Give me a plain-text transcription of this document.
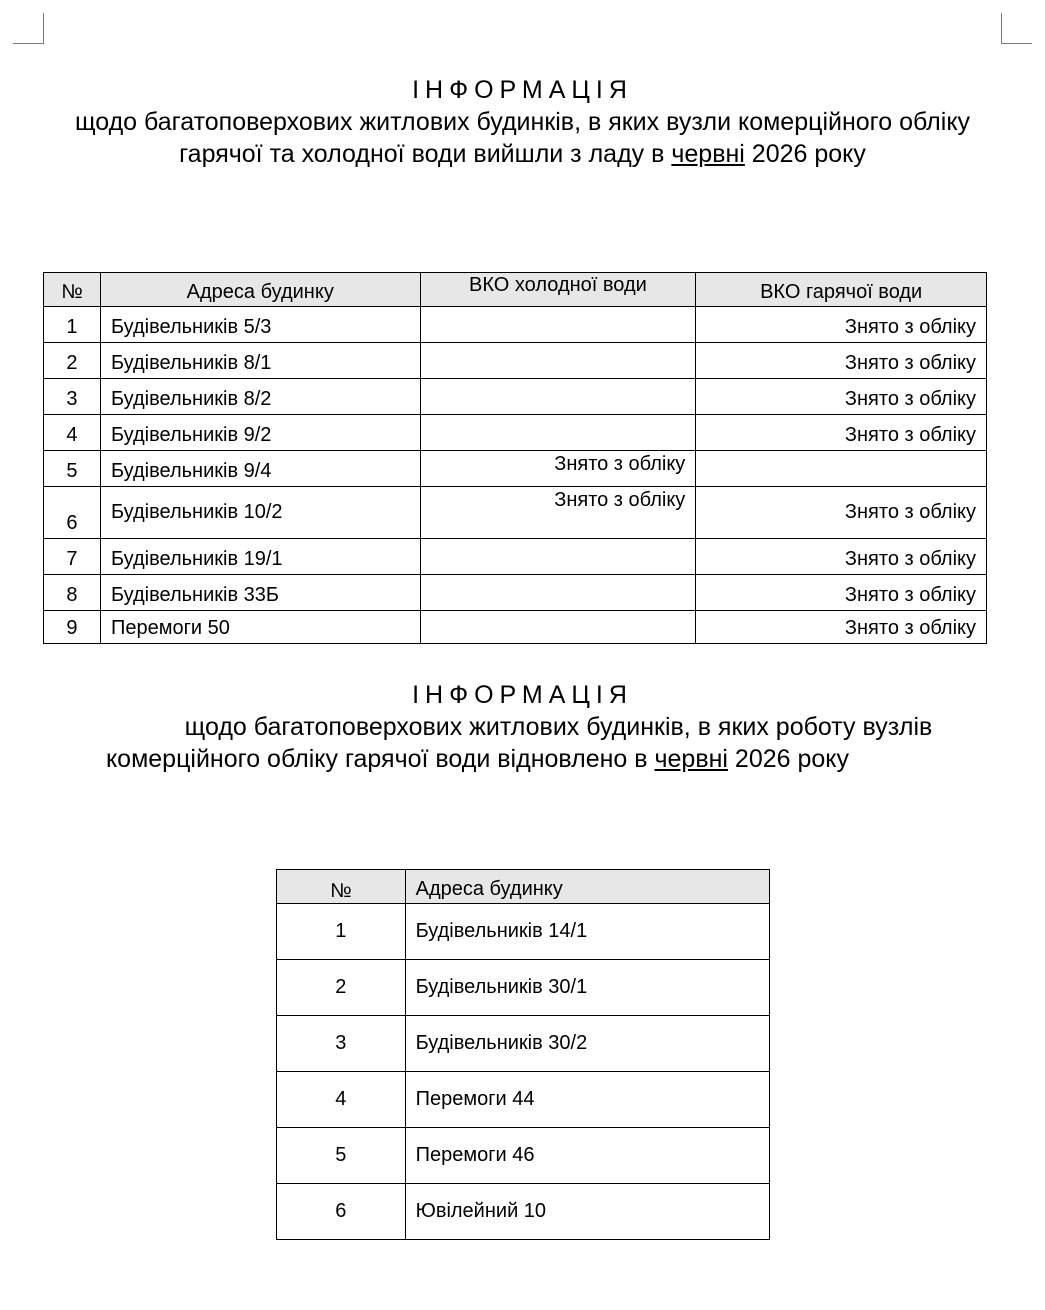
ІНФОРМАЦІЯ
щодо багатоповерхових житлових будинків, в яких вузли комерційного обліку
гарячої та холодної води вийшли з ладу в червні 2026 року
№	Адреса будинку	ВКО холодної води	ВКО гарячої води
1	Будівельників 5/3		Знято з обліку
2	Будівельників 8/1		Знято з обліку
3	Будівельників 8/2		Знято з обліку
4	Будівельників 9/2		Знято з обліку
5	Будівельників 9/4	Знято з обліку	
6	Будівельників 10/2	Знято з обліку	Знято з обліку
7	Будівельників 19/1		Знято з обліку
8	Будівельників 33Б		Знято з обліку
9	Перемоги 50		Знято з обліку
ІНФОРМАЦІЯ
щодо багатоповерхових житлових будинків, в яких роботу вузлів
комерційного обліку гарячої води відновлено в червні 2026 року
№	Адреса будинку
1	Будівельників 14/1
2	Будівельників 30/1
3	Будівельників 30/2
4	Перемоги 44
5	Перемоги 46
6	Ювілейний 10
